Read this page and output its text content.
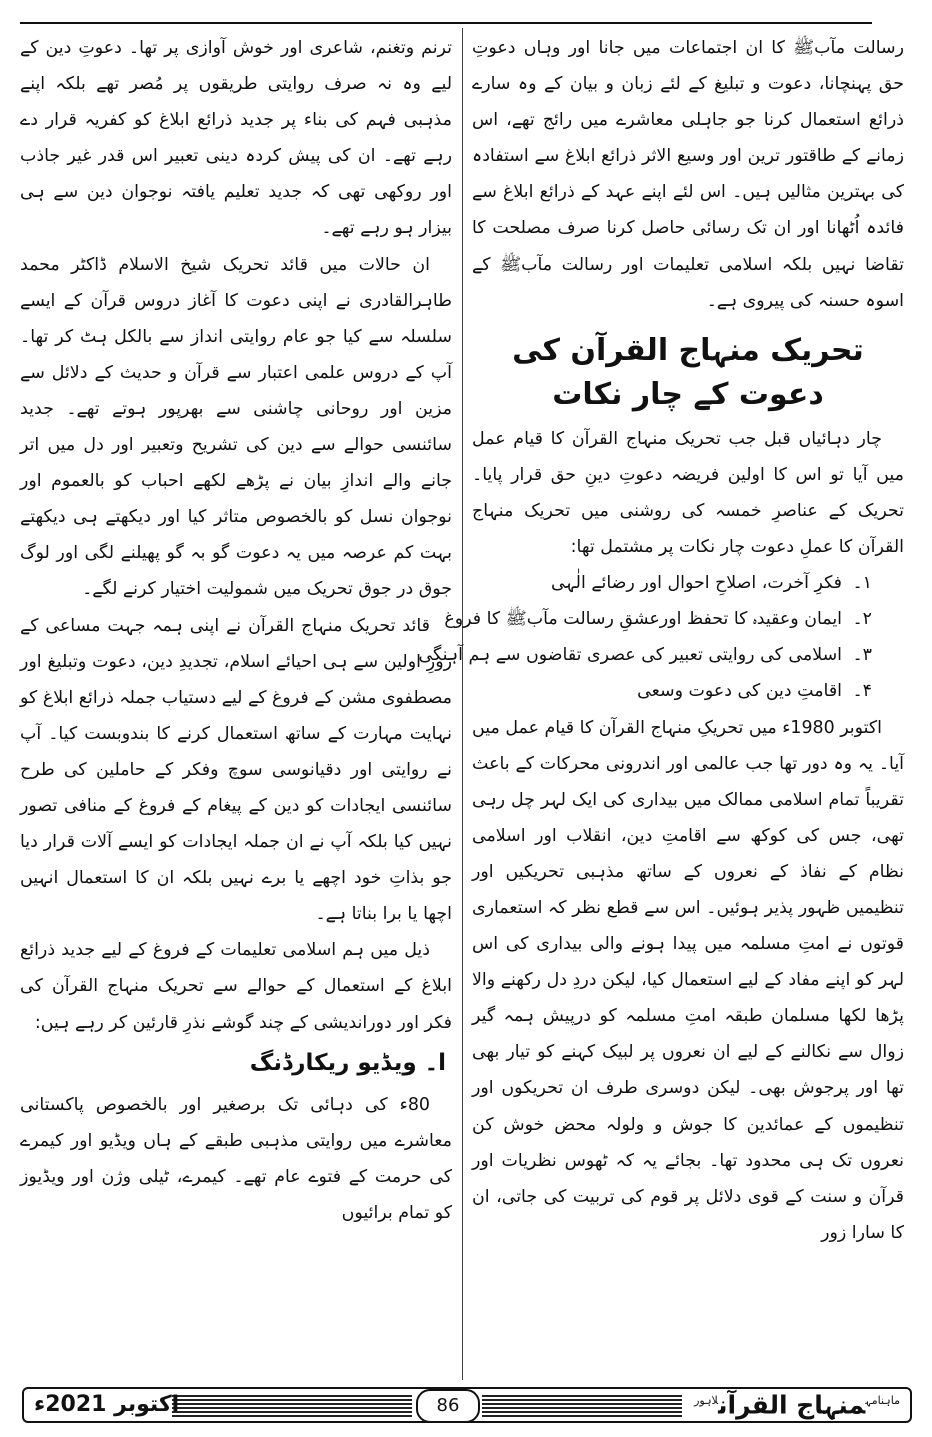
رسالت مآبﷺ کا ان اجتماعات میں جانا اور وہاں دعوتِ حق پہنچانا، دعوت و تبلیغ کے لئے زبان و بیان کے وہ سارے ذرائع استعمال کرنا جو جاہلی معاشرے میں رائج تھے، اس زمانے کے طاقتور ترین اور وسیع الاثر ذرائع ابلاغ سے استفادہ کی بہترین مثالیں ہیں۔ اس لئے اپنے عہد کے ذرائع ابلاغ سے فائدہ اُٹھانا اور ان تک رسائی حاصل کرنا صرف مصلحت کا تقاضا نہیں بلکہ اسلامی تعلیمات اور رسالت مآبﷺ کے اسوہ حسنہ کی پیروی ہے۔

تحریک منہاج القرآن کی دعوت کے چار نکات

چار دہائیاں قبل جب تحریک منہاج القرآن کا قیام عمل میں آیا تو اس کا اولین فریضہ دعوتِ دینِ حق قرار پایا۔ تحریک کے عناصرِ خمسہ کی روشنی میں تحریک منہاج القرآن کا عملِ دعوت چار نکات پر مشتمل تھا:

۱۔فکرِ آخرت، اصلاحِ احوال اور رضائے الٰہی
۲۔ایمان وعقیدہ کا تحفظ اورعشقِ رسالت مآبﷺ کا فروغ
۳۔اسلامی کی روایتی تعبیر کی عصری تقاضوں سے ہم آہنگی
۴۔اقامتِ دین کی دعوت وسعی

اکتوبر 1980ء میں تحریکِ منہاج القرآن کا قیام عمل میں آیا۔ یہ وہ دور تھا جب عالمی اور اندرونی محرکات کے باعث تقریباً تمام اسلامی ممالک میں بیداری کی ایک لہر چل رہی تھی، جس کی کوکھ سے اقامتِ دین، انقلاب اور اسلامی نظام کے نفاذ کے نعروں کے ساتھ مذہبی تحریکیں اور تنظیمیں ظہور پذیر ہوئیں۔ اس سے قطع نظر کہ استعماری قوتوں نے امتِ مسلمہ میں پیدا ہونے والی بیداری کی اس لہر کو اپنے مفاد کے لیے استعمال کیا، لیکن دردِ دل رکھنے والا پڑھا لکھا مسلمان طبقہ امتِ مسلمہ کو درپیش ہمہ گیر زوال سے نکالنے کے لیے ان نعروں پر لبیک کہنے کو تیار بھی تھا اور پرجوش بھی۔ لیکن دوسری طرف ان تحریکوں اور تنظیموں کے عمائدین کا جوش و ولولہ محض خوش کن نعروں تک ہی محدود تھا۔ بجائے یہ کہ ٹھوس نظریات اور قرآن و سنت کے قوی دلائل پر قوم کی تربیت کی جاتی، ان کا سارا زور

ترنم وتغنم، شاعری اور خوش آوازی پر تھا۔ دعوتِ دین کے لیے وہ نہ صرف روایتی طریقوں پر مُصر تھے بلکہ اپنے مذہبی فہم کی بناء پر جدید ذرائع ابلاغ کو کفریہ قرار دے رہے تھے۔ ان کی پیش کردہ دینی تعبیر اس قدر غیر جاذب اور روکھی تھی کہ جدید تعلیم یافتہ نوجوان دین سے ہی بیزار ہو رہے تھے۔

ان حالات میں قائد تحریک شیخ الاسلام ڈاکٹر محمد طاہرالقادری نے اپنی دعوت کا آغاز دروس قرآن کے ایسے سلسلہ سے کیا جو عام روایتی انداز سے بالکل ہٹ کر تھا۔ آپ کے دروس علمی اعتبار سے قرآن و حدیث کے دلائل سے مزین اور روحانی چاشنی سے بھرپور ہوتے تھے۔ جدید سائنسی حوالے سے دین کی تشریح وتعبیر اور دل میں اتر جانے والے اندازِ بیان نے پڑھے لکھے احباب کو بالعموم اور نوجوان نسل کو بالخصوص متاثر کیا اور دیکھتے ہی دیکھتے بہت کم عرصہ میں یہ دعوت گو بہ گو پھیلنے لگی اور لوگ جوق در جوق تحریک میں شمولیت اختیار کرنے لگے۔

قائد تحریک منہاج القرآن نے اپنی ہمہ جہت مساعی کے روزِ اولین سے ہی احیائے اسلام، تجدیدِ دین، دعوت وتبلیغ اور مصطفوی مشن کے فروغ کے لیے دستیاب جملہ ذرائع ابلاغ کو نہایت مہارت کے ساتھ استعمال کرنے کا بندوبست کیا۔ آپ نے روایتی اور دقیانوسی سوچ وفکر کے حاملین کی طرح سائنسی ایجادات کو دین کے پیغام کے فروغ کے منافی تصور نہیں کیا بلکہ آپ نے ان جملہ ایجادات کو ایسے آلات قرار دیا جو بذاتِ خود اچھے یا برے نہیں بلکہ ان کا استعمال انہیں اچھا یا برا بناتا ہے۔

ذیل میں ہم اسلامی تعلیمات کے فروغ کے لیے جدید ذرائع ابلاغ کے استعمال کے حوالے سے تحریک منہاج القرآن کی فکر اور دوراندیشی کے چند گوشے نذرِ قارئین کر رہے ہیں:

ا۔ ویڈیو ریکارڈنگ

80ء کی دہائی تک برصغیر اور بالخصوص پاکستانی معاشرے میں روایتی مذہبی طبقے کے ہاں ویڈیو اور کیمرے کی حرمت کے فتوے عام تھے۔ کیمرے، ٹیلی وژن اور ویڈیوز کو تمام برائیوں

اکتوبر 2021ء	86	$^{ماہنامہ}$منہاج القرآن$^{لاہور}$
